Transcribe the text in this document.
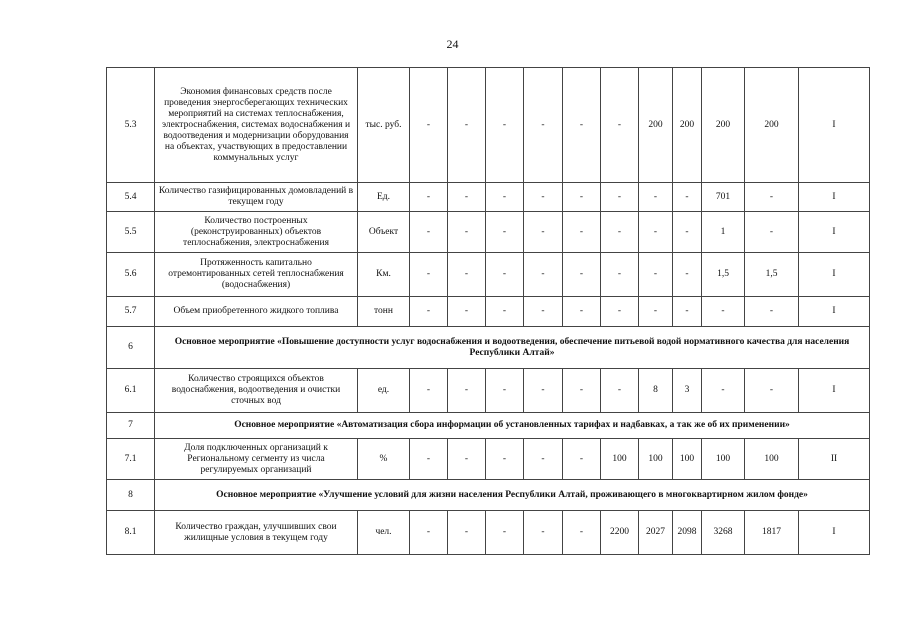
24
5.3	Экономия финансовых средств после проведения энергосберегающих технических мероприятий на системах теплоснабжения, электроснабжения, системах водоснабжения и водоотведения и модернизации оборудования на объектах, участвующих в предоставлении коммунальных услуг	тыс. руб.	-	-	-	-	-	-	200	200	200	200	I
5.4	Количество газифицированных домовладений в текущем году	Ед.	-	-	-	-	-	-	-	-	701	-	I
5.5	Количество построенных (реконструированных) объектов теплоснабжения, электроснабжения	Объект	-	-	-	-	-	-	-	-	1	-	I
5.6	Протяженность капитально отремонтированных сетей теплоснабжения (водоснабжения)	Км.	-	-	-	-	-	-	-	-	1,5	1,5	I
5.7	Объем приобретенного жидкого топлива	тонн	-	-	-	-	-	-	-	-	-	-	I
6	Основное мероприятие «Повышение доступности услуг водоснабжения и водоотведения, обеспечение питьевой водой нормативного качества для населения Республики Алтай»												
6.1	Количество строящихся объектов водоснабжения, водоотведения и очистки сточных вод	ед.	-	-	-	-	-	-	8	3	-	-	I
7	Основное мероприятие «Автоматизация сбора информации об установленных тарифах и надбавках, а так же об их применении»												
7.1	Доля подключенных организаций к Региональному сегменту из числа регулируемых организаций	%	-	-	-	-	-	100	100	100	100	100	II
8	Основное мероприятие «Улучшение условий для жизни населения Республики Алтай, проживающего в многоквартирном жилом фонде»												
8.1	Количество граждан, улучшивших свои жилищные условия в текущем году	чел.	-	-	-	-	-	2200	2027	2098	3268	1817	I
